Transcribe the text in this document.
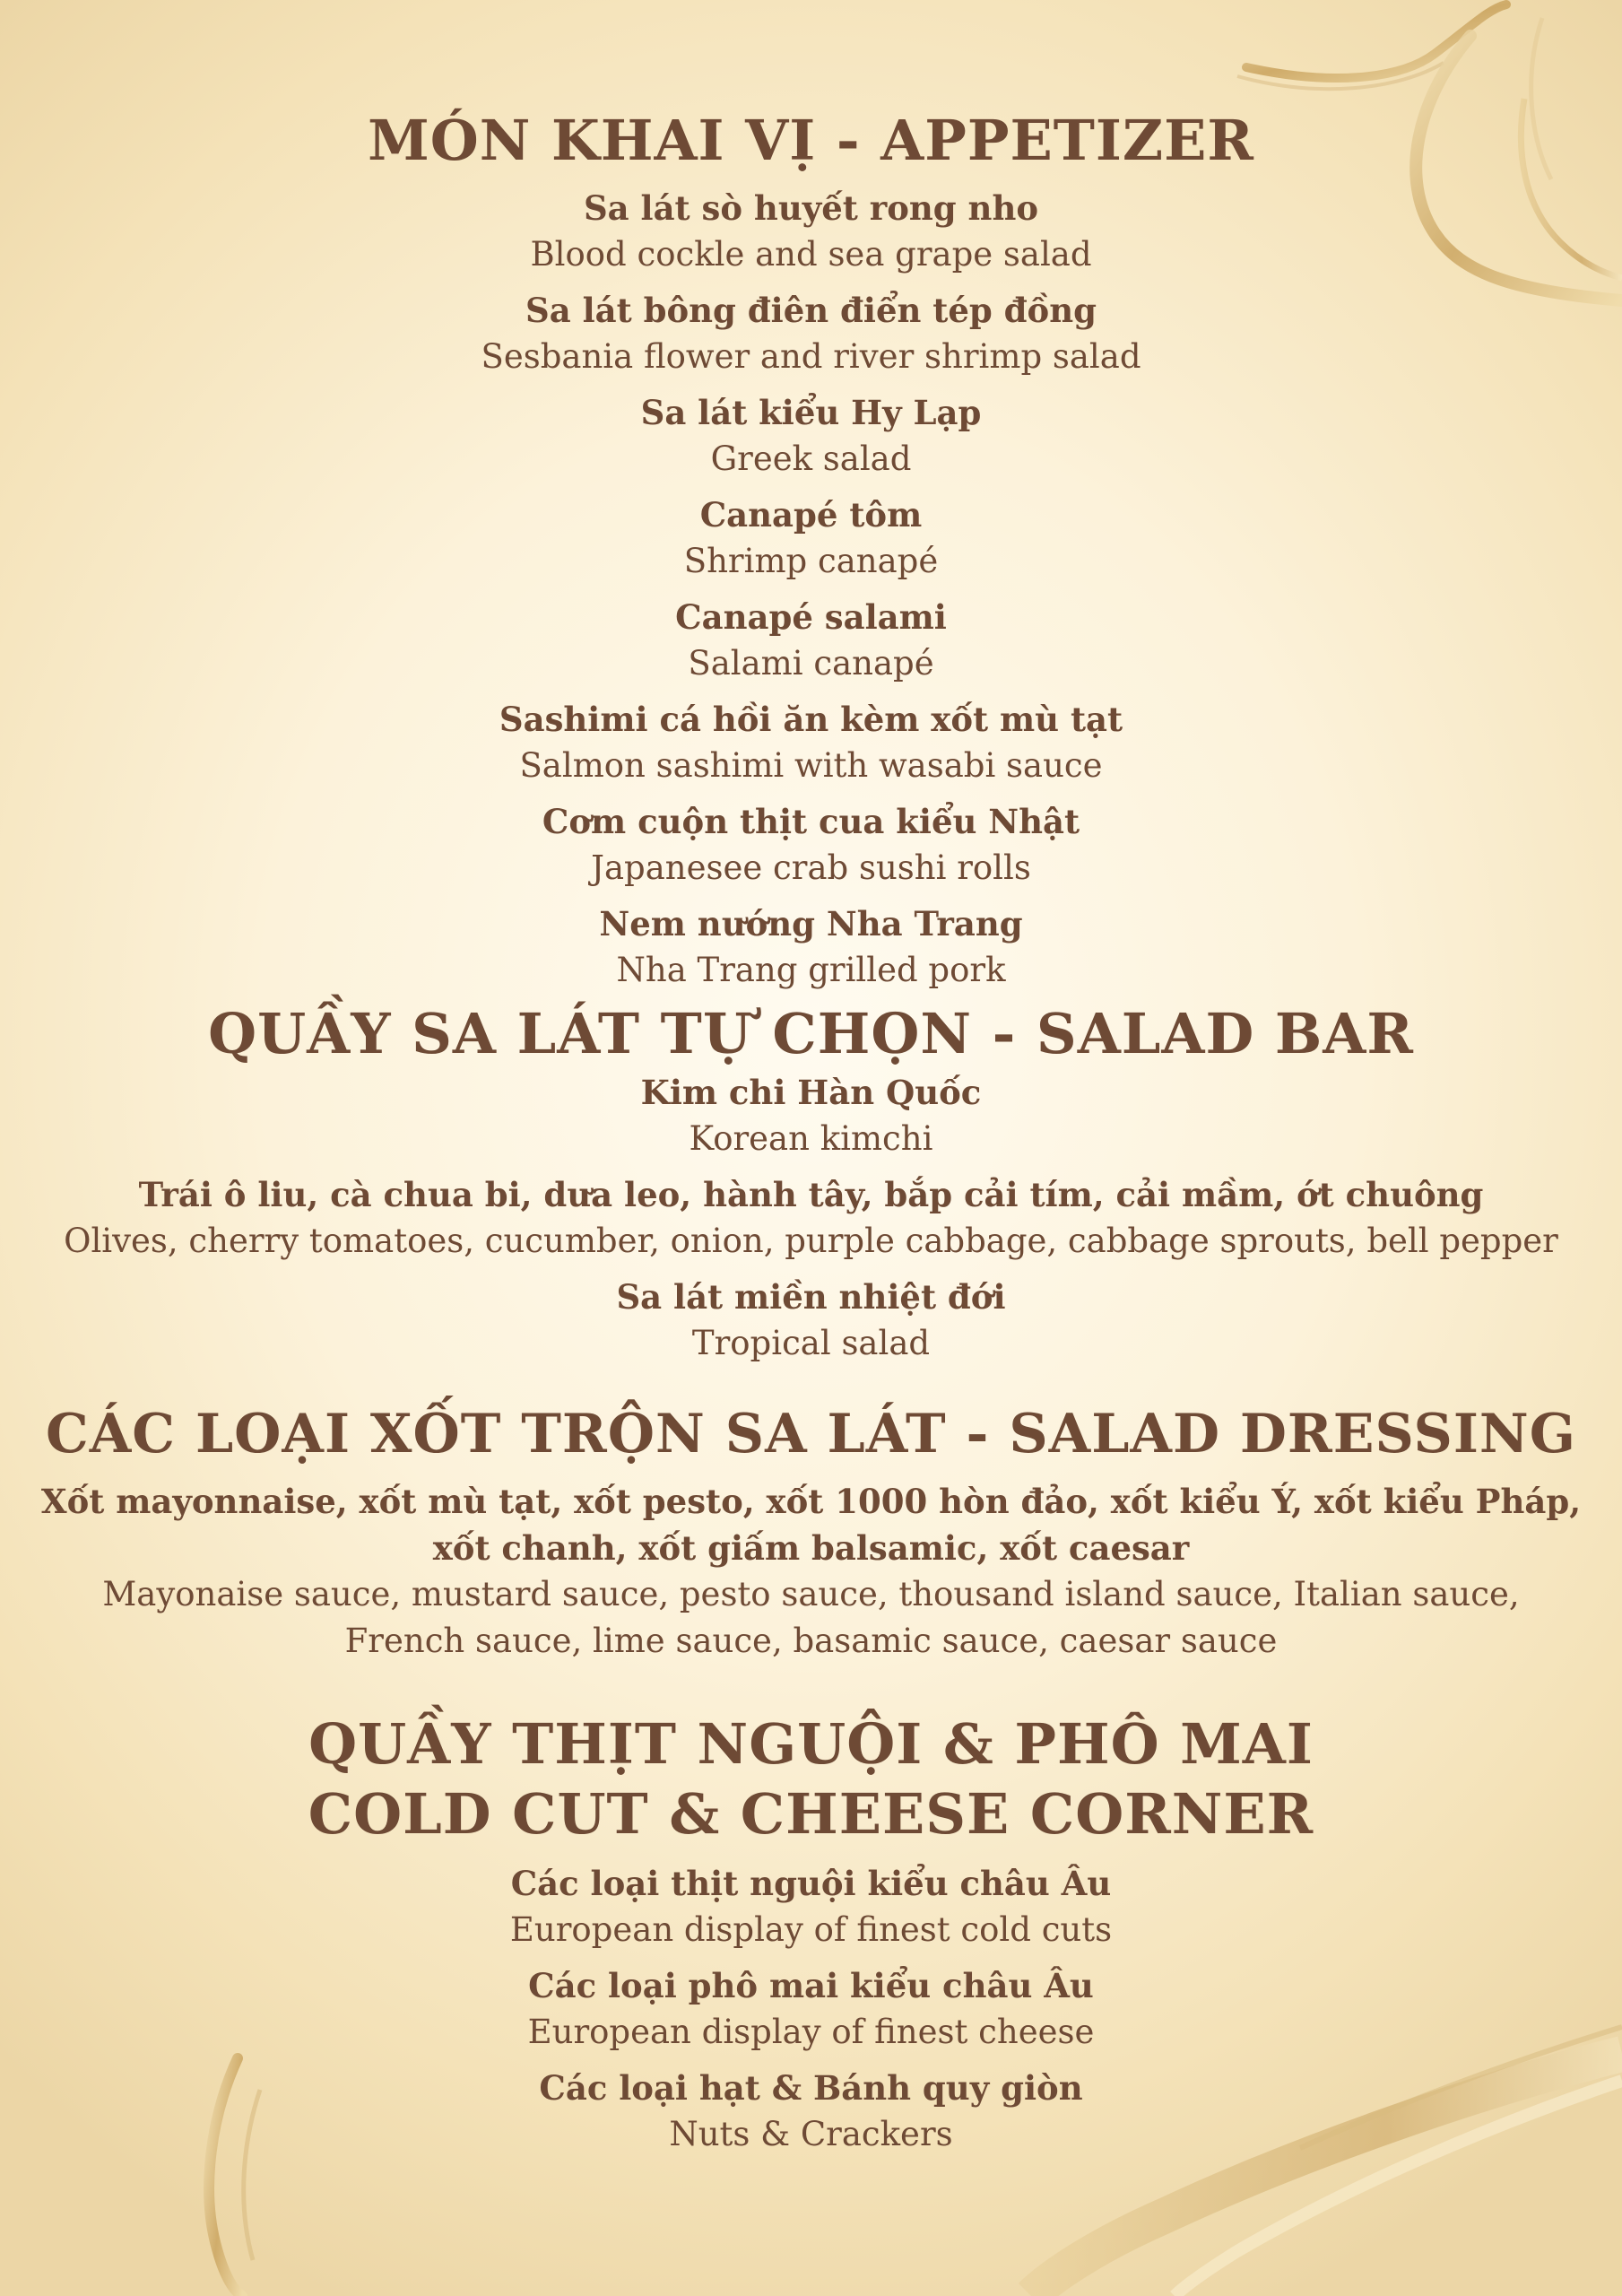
MÓN KHAI VỊ - APPETIZER
Sa lát sò huyết rong nho
Blood cockle and sea grape salad
Sa lát bông điên điển tép đồng
Sesbania flower and river shrimp salad
Sa lát kiểu Hy Lạp
Greek salad
Canapé tôm
Shrimp canapé
Canapé salami
Salami canapé
Sashimi cá hồi ăn kèm xốt mù tạt
Salmon sashimi with wasabi sauce
Cơm cuộn thịt cua kiểu Nhật
Japanesee crab sushi rolls
Nem nướng Nha Trang
Nha Trang grilled pork
QUẦY SA LÁT TỰ CHỌN - SALAD BAR
Kim chi Hàn Quốc
Korean kimchi
Trái ô liu, cà chua bi, dưa leo, hành tây, bắp cải tím, cải mầm, ớt chuông
Olives, cherry tomatoes, cucumber, onion, purple cabbage, cabbage sprouts, bell pepper
Sa lát miền nhiệt đới
Tropical salad
CÁC LOẠI XỐT TRỘN SA LÁT - SALAD DRESSING
Xốt mayonnaise, xốt mù tạt, xốt pesto, xốt 1000 hòn đảo, xốt kiểu Ý, xốt kiểu Pháp,
xốt chanh, xốt giấm balsamic, xốt caesar
Mayonaise sauce, mustard sauce, pesto sauce, thousand island sauce, Italian sauce,
French sauce, lime sauce, basamic sauce, caesar sauce
QUẦY THỊT NGUỘI & PHÔ MAI
COLD CUT & CHEESE CORNER
Các loại thịt nguội kiểu châu Âu
European display of finest cold cuts
Các loại phô mai kiểu châu Âu
European display of finest cheese
Các loại hạt & Bánh quy giòn
Nuts & Crackers
